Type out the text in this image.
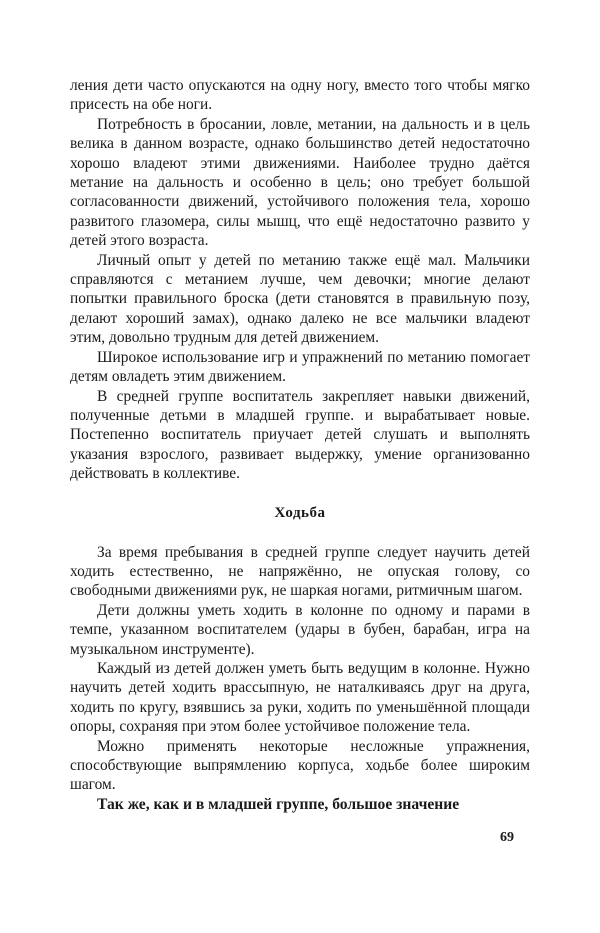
ления дети часто опускаются на одну ногу, вместо того чтобы мягко присесть на обе ноги.

Потребность в бросании, ловле, метании, на дальность и в цель велика в данном возрасте, однако большинство детей недостаточно хорошо владеют этими движениями. Наиболее трудно даётся метание на дальность и особенно в цель; оно требует большой согласованности движений, устойчивого положения тела, хорошо развитого глазомера, силы мышц, что ещё недостаточно развито у детей этого возраста.

Личный опыт у детей по метанию также ещё мал. Мальчики справляются с метанием лучше, чем девочки; многие делают попытки правильного броска (дети становятся в правильную позу, делают хороший замах), однако далеко не все мальчики владеют этим, довольно трудным для детей движением.

Широкое использование игр и упражнений по метанию помогает детям овладеть этим движением.

В средней группе воспитатель закрепляет навыки движений, полученные детьми в младшей группе. и вырабатывает новые. Постепенно воспитатель приучает детей слушать и выполнять указания взрослого, развивает выдержку, умение организованно действовать в коллективе.

Ходьба

За время пребывания в средней группе следует научить детей ходить естественно, не напряжённо, не опуская голову, со свободными движениями рук, не шаркая ногами, ритмичным шагом.

Дети должны уметь ходить в колонне по одному и парами в темпе, указанном воспитателем (удары в бубен, барабан, игра на музыкальном инструменте).

Каждый из детей должен уметь быть ведущим в колонне. Нужно научить детей ходить врассыпную, не наталкиваясь друг на друга, ходить по кругу, взявшись за руки, ходить по уменьшённой площади опоры, сохраняя при этом более устойчивое положение тела.

Можно применять некоторые несложные упражнения, способствующие выпрямлению корпуса, ходьбе более широким шагом.

Так же, как и в младшей группе, большое значение

69
